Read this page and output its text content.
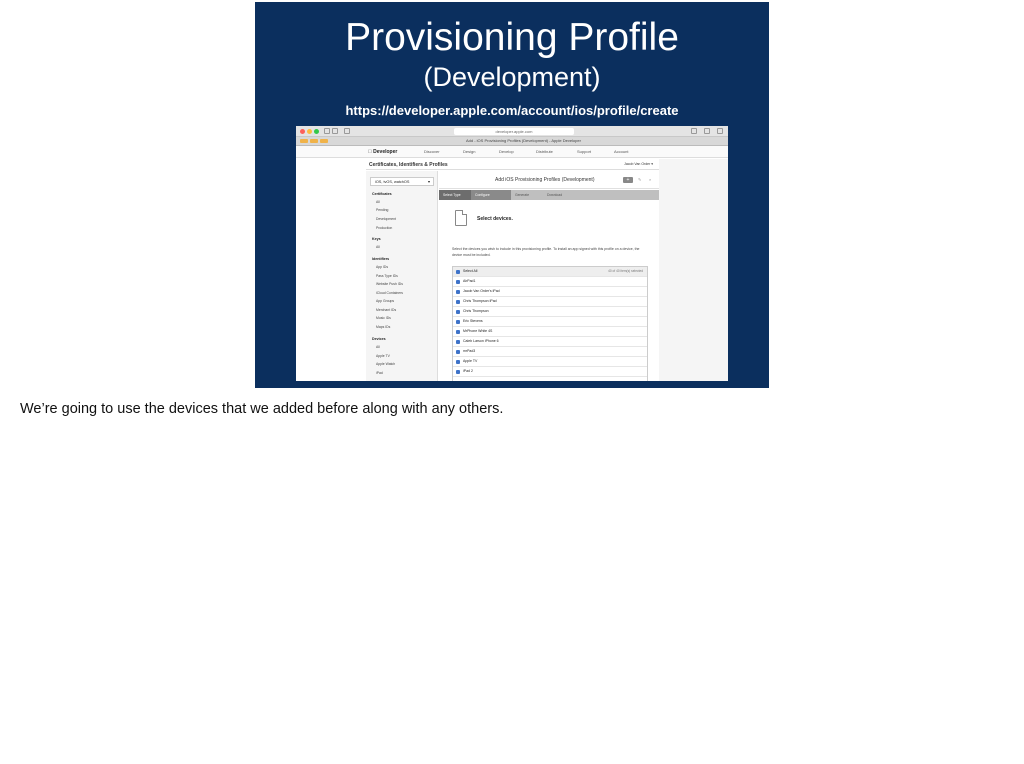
Provisioning Profile
(Development)
https://developer.apple.com/account/ios/profile/create
developer.apple.com
Add - iOS Provisioning Profiles (Development) - Apple Developer
Developer	Discover	Design	Develop	Distribute	Support	Account
Certificates, Identifiers & Profiles	Jacob Van Order ▾
iOS, tvOS, watchOS	▾
Certificates
All
Pending
Development
Production
Keys
All
Identifiers
App IDs
Pass Type IDs
Website Push IDs
iCloud Containers
App Groups
Merchant IDs
Music IDs
Maps IDs
Devices
All
Apple TV
Apple Watch
iPad
Add iOS Provisioning Profiles (Development)	+	✎ ⌕
Select Type	Configure	Generate	Download
Select devices.
Select the devices you wish to include in this provisioning profile. To install an app signed with this profile on a device, the device must be included.
Select All	40 of 40 item(s) selected
AirPad1
Jacob Van Order's iPad
Chris Thompson iPad
Chris Thompson
Eric Stevens
MrPhone White 4S
Caleb Larson iPhone 6
mrPad3
Apple TV
iPad 2
We’re going to use the devices that we added before along with any others.
